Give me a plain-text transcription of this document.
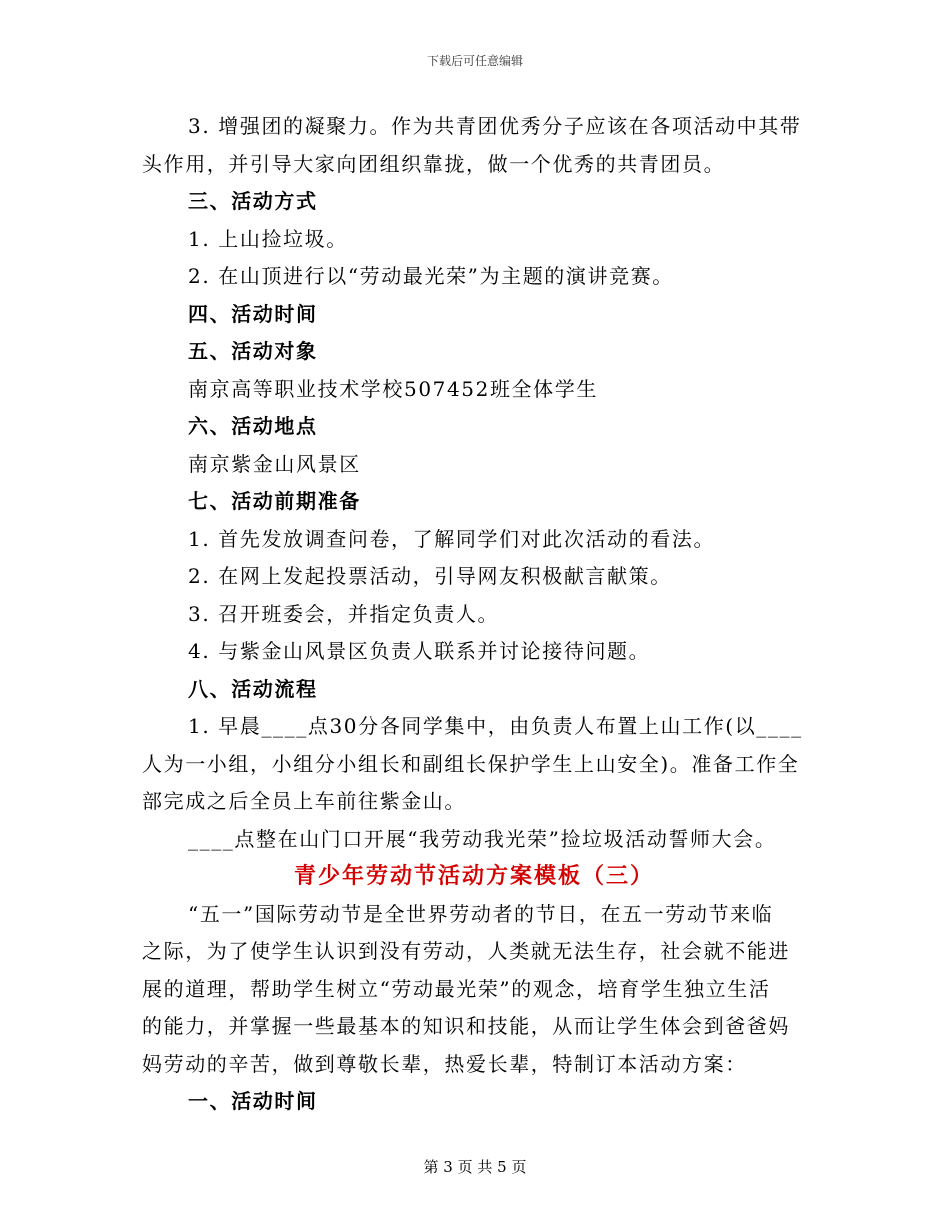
下载后可任意编辑
3. 增强团的凝聚力。作为共青团优秀分子应该在各项活动中其带
头作用，并引导大家向团组织靠拢，做一个优秀的共青团员。
三、活动方式
1. 上山捡垃圾。
2. 在山顶进行以“劳动最光荣”为主题的演讲竞赛。
四、活动时间
五、活动对象
南京高等职业技术学校507452班全体学生
六、活动地点
南京紫金山风景区
七、活动前期准备
1. 首先发放调查问卷，了解同学们对此次活动的看法。
2. 在网上发起投票活动，引导网友积极献言献策。
3. 召开班委会，并指定负责人。
4. 与紫金山风景区负责人联系并讨论接待问题。
八、活动流程
1. 早晨____点30分各同学集中，由负责人布置上山工作(以____
人为一小组，小组分小组长和副组长保护学生上山安全)。准备工作全
部完成之后全员上车前往紫金山。
____点整在山门口开展“我劳动我光荣”捡垃圾活动誓师大会。
青少年劳动节活动方案模板（三）
“五一”国际劳动节是全世界劳动者的节日，在五一劳动节来临
之际，为了使学生认识到没有劳动，人类就无法生存，社会就不能进
展的道理，帮助学生树立“劳动最光荣”的观念，培育学生独立生活
的能力，并掌握一些最基本的知识和技能，从而让学生体会到爸爸妈
妈劳动的辛苦，做到尊敬长辈，热爱长辈，特制订本活动方案：
一、活动时间
第 3 页 共 5 页
